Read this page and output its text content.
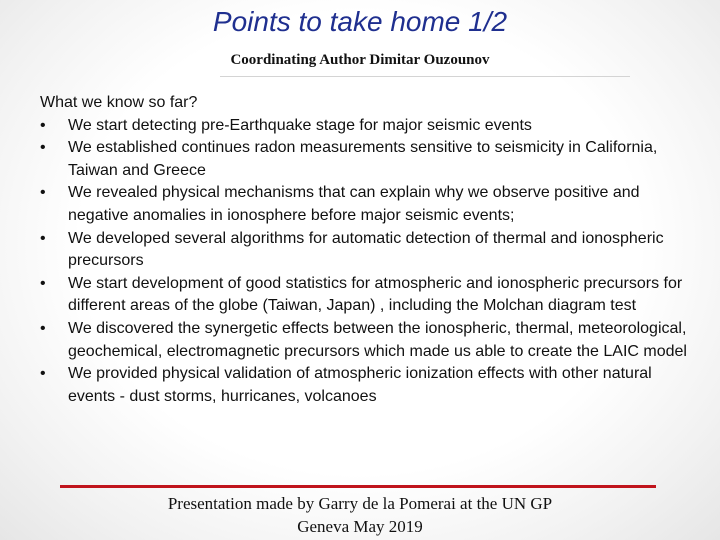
Points to take home 1/2
Coordinating Author Dimitar Ouzounov
What we know so far?
•	We start detecting pre-Earthquake stage for major seismic events
•	We established continues radon measurements sensitive to seismicity in California, Taiwan and Greece
•	We revealed physical mechanisms that can explain why we observe positive and negative anomalies in ionosphere before major seismic events;
•	We developed several algorithms for automatic detection of thermal and ionospheric precursors
•	We start development of good statistics for atmospheric and ionospheric precursors for different areas of the globe (Taiwan, Japan) , including the Molchan diagram test
•	We discovered the synergetic effects between the ionospheric, thermal, meteorological, geochemical, electromagnetic precursors which made us able to create the LAIC model
•	We provided physical validation of atmospheric ionization effects with other natural events - dust storms, hurricanes, volcanoes
Presentation made by Garry de la Pomerai at the UN GP
Geneva May 2019
